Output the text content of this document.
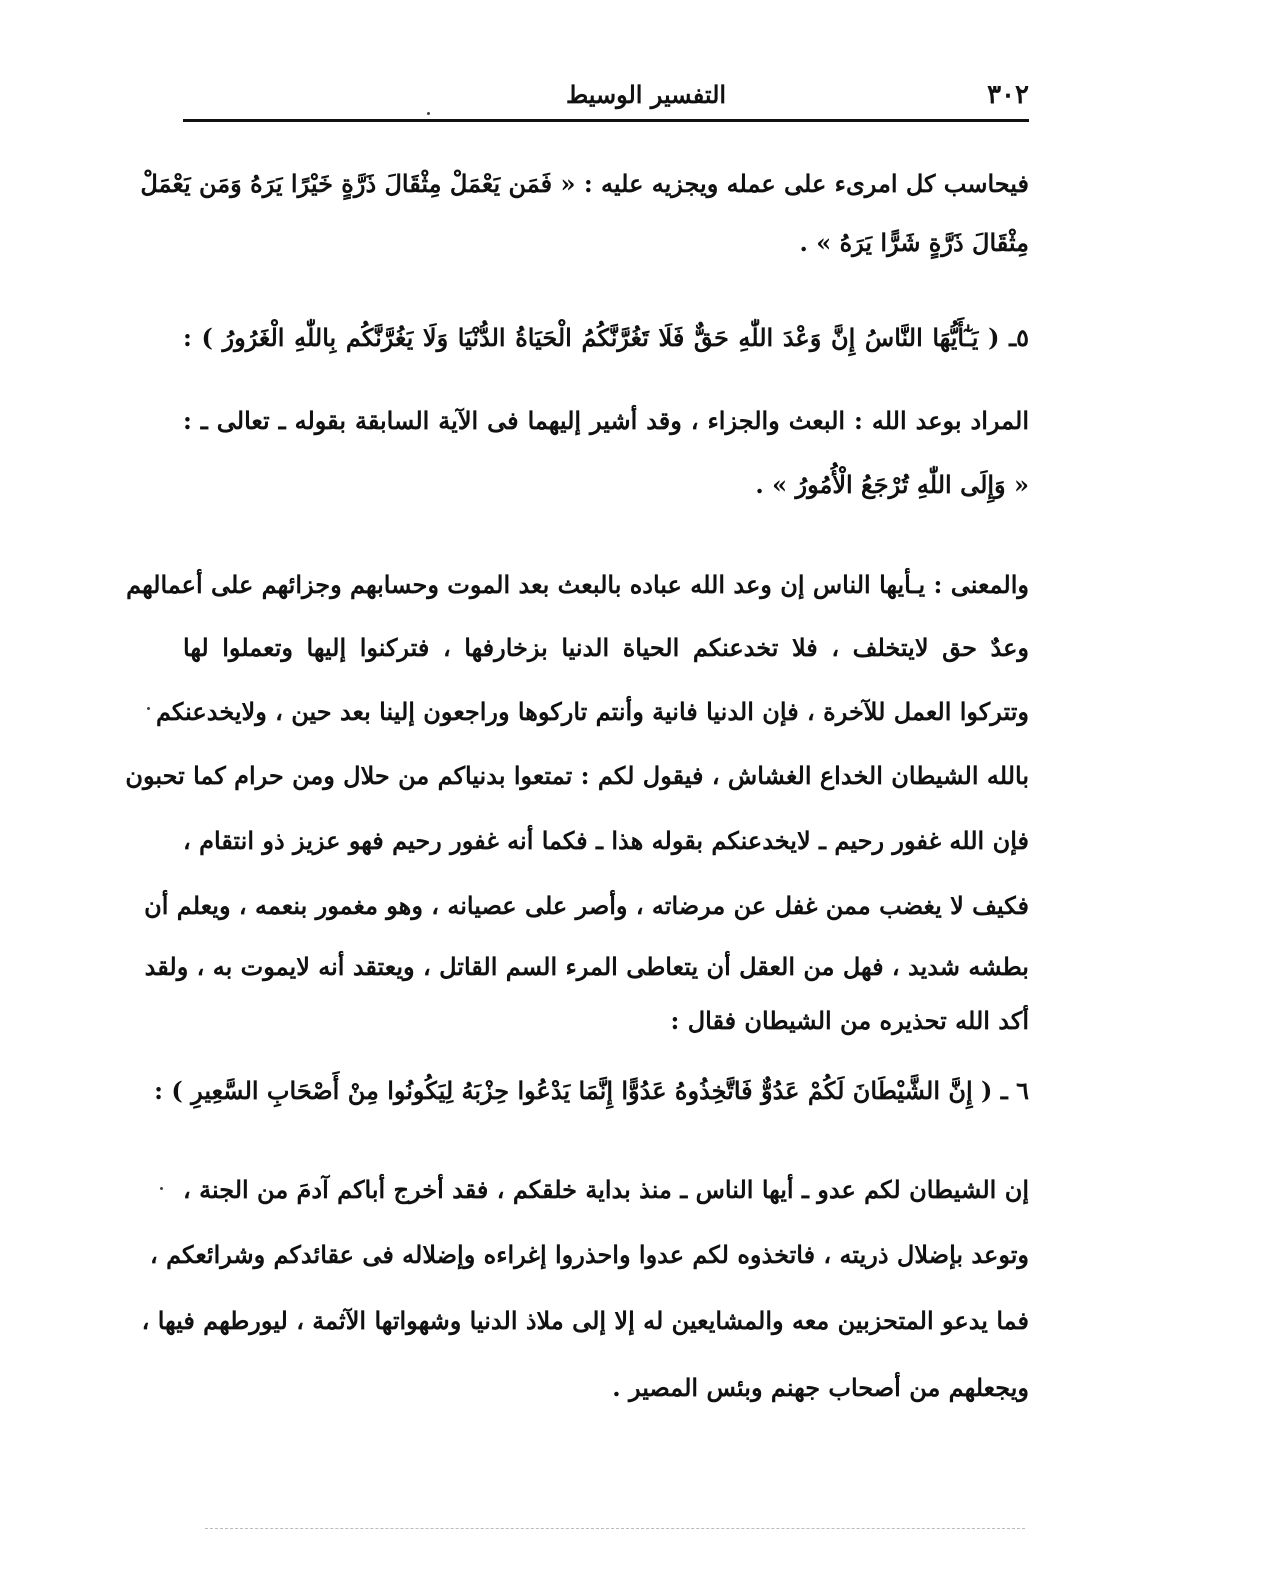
٣٠٢
التفسير الوسيط
فيحاسب كل امرىء على عمله ويجزيه عليه : « فَمَن يَعْمَلْ مِثْقَالَ ذَرَّةٍ خَيْرًا يَرَهُ وَمَن يَعْمَلْ
مِثْقَالَ ذَرَّةٍ شَرًّا يَرَهُ » .
٥ـ ( يَـٰٓأَيُّهَا النَّاسُ إِنَّ وَعْدَ اللّٰهِ حَقٌّ فَلَا تَغُرَّنَّكُمُ الْحَيَاةُ الدُّنْيَا وَلَا يَغُرَّنَّكُم بِاللّٰهِ الْغَرُورُ ) :
المراد بوعد الله : البعث والجزاء ، وقد أشير إليهما فى الآية السابقة بقوله ـ تعالى ـ :
« وَإِلَى اللّٰهِ تُرْجَعُ الْأُمُورُ » .
والمعنى : يـأيها الناس إن وعد الله عباده بالبعث بعد الموت وحسابهم وجزائهم على أعمالهم
وعدٌ حق لايتخلف ، فلا تخدعنكم الحياة الدنيا بزخارفها ، فتركنوا إليها وتعملوا لها
وتتركوا العمل للآخرة ، فإن الدنيا فانية وأنتم تاركوها وراجعون إلينا بعد حين ، ولايخدعنكم
بالله الشيطان الخداع الغشاش ، فيقول لكم : تمتعوا بدنياكم من حلال ومن حرام كما تحبون
فإن الله غفور رحيم ـ لايخدعنكم بقوله هذا ـ فكما أنه غفور رحيم فهو عزيز ذو انتقام ،
فكيف لا يغضب ممن غفل عن مرضاته ، وأصر على عصيانه ، وهو مغمور بنعمه ، ويعلم أن
بطشه شديد ، فهل من العقل أن يتعاطى المرء السم القاتل ، ويعتقد أنه لايموت به ، ولقد
أكد الله تحذيره من الشيطان فقال :
٦ ـ ( إِنَّ الشَّيْطَانَ لَكُمْ عَدُوٌّ فَاتَّخِذُوهُ عَدُوًّا إِنَّمَا يَدْعُوا حِزْبَهُ لِيَكُونُوا مِنْ أَصْحَابِ السَّعِيرِ ) :
إن الشيطان لكم عدو ـ أيها الناس ـ منذ بداية خلقكم ، فقد أخرج أباكم آدمَ من الجنة ،
وتوعد بإضلال ذريته ، فاتخذوه لكم عدوا واحذروا إغراءه وإضلاله فى عقائدكم وشرائعكم ،
فما يدعو المتحزبين معه والمشايعين له إلا إلى ملاذ الدنيا وشهواتها الآثمة ، ليورطهم فيها ،
ويجعلهم من أصحاب جهنم وبئس المصير .
